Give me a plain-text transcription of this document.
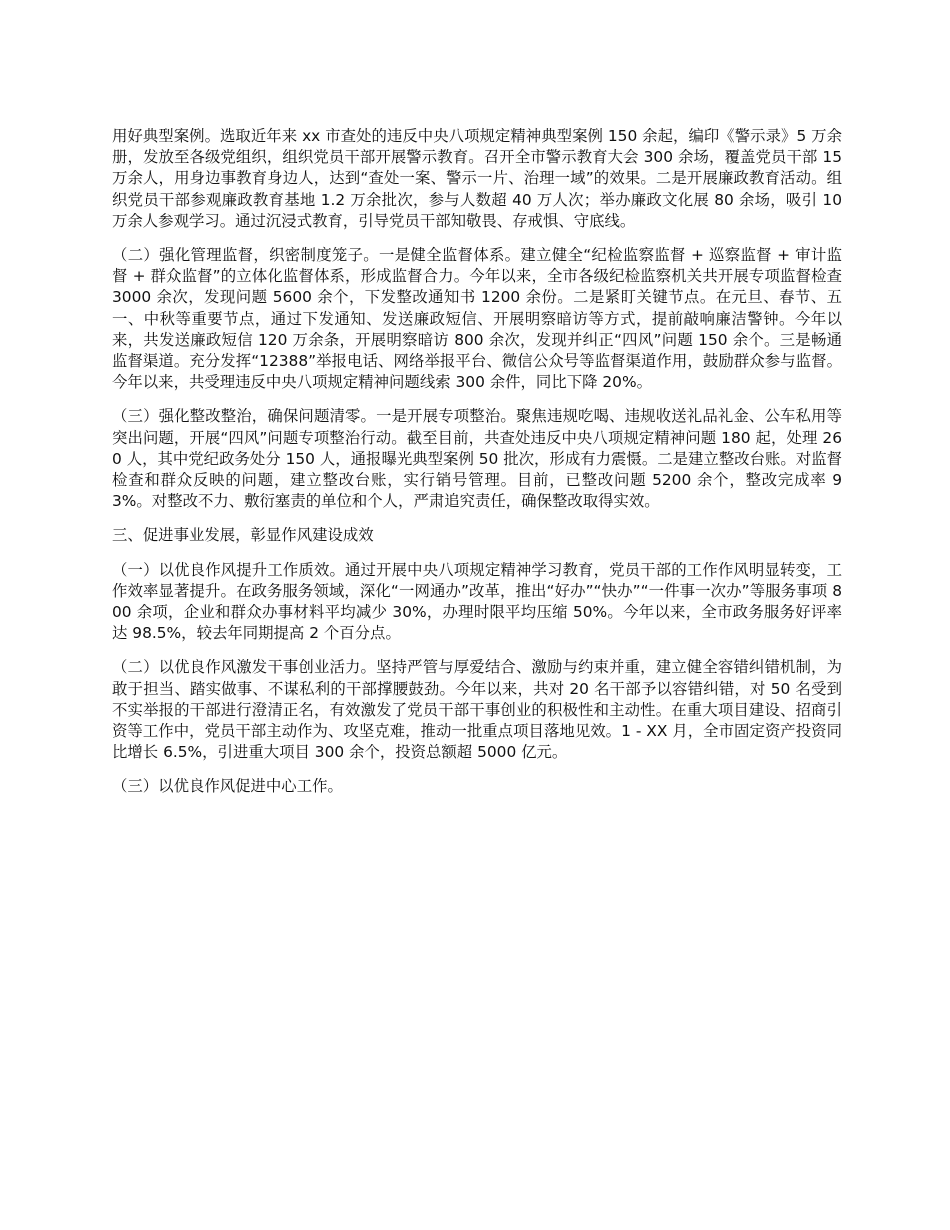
用好典型案例。选取近年来 xx 市查处的违反中央八项规定精神典型案例 150 余起，编印《警示录》5 万余册，发放至各级党组织，组织党员干部开展警示教育。召开全市警示教育大会 300 余场，覆盖党员干部 15 万余人，用身边事教育身边人，达到“查处一案、警示一片、治理一域”的效果。二是开展廉政教育活动。组织党员干部参观廉政教育基地 1.2 万余批次，参与人数超 40 万人次；举办廉政文化展 80 余场，吸引 10 万余人参观学习。通过沉浸式教育，引导党员干部知敬畏、存戒惧、守底线。

（二）强化管理监督，织密制度笼子。一是健全监督体系。建立健全“纪检监察监督 + 巡察监督 + 审计监督 + 群众监督”的立体化监督体系，形成监督合力。今年以来，全市各级纪检监察机关共开展专项监督检查 3000 余次，发现问题 5600 余个，下发整改通知书 1200 余份。二是紧盯关键节点。在元旦、春节、五一、中秋等重要节点，通过下发通知、发送廉政短信、开展明察暗访等方式，提前敲响廉洁警钟。今年以来，共发送廉政短信 120 万余条，开展明察暗访 800 余次，发现并纠正“四风”问题 150 余个。三是畅通监督渠道。充分发挥“12388”举报电话、网络举报平台、微信公众号等监督渠道作用，鼓励群众参与监督。今年以来，共受理违反中央八项规定精神问题线索 300 余件，同比下降 20%。

（三）强化整改整治，确保问题清零。一是开展专项整治。聚焦违规吃喝、违规收送礼品礼金、公车私用等突出问题，开展“四风”问题专项整治行动。截至目前，共查处违反中央八项规定精神问题 180 起，处理 260 人，其中党纪政务处分 150 人，通报曝光典型案例 50 批次，形成有力震慑。二是建立整改台账。对监督检查和群众反映的问题，建立整改台账，实行销号管理。目前，已整改问题 5200 余个，整改完成率 93%。对整改不力、敷衍塞责的单位和个人，严肃追究责任，确保整改取得实效。

三、促进事业发展，彰显作风建设成效

（一）以优良作风提升工作质效。通过开展中央八项规定精神学习教育，党员干部的工作作风明显转变，工作效率显著提升。在政务服务领域，深化“一网通办”改革，推出“好办”“快办”“一件事一次办”等服务事项 800 余项，企业和群众办事材料平均减少 30%，办理时限平均压缩 50%。今年以来，全市政务服务好评率达 98.5%，较去年同期提高 2 个百分点。

（二）以优良作风激发干事创业活力。坚持严管与厚爱结合、激励与约束并重，建立健全容错纠错机制，为敢于担当、踏实做事、不谋私利的干部撑腰鼓劲。今年以来，共对 20 名干部予以容错纠错，对 50 名受到不实举报的干部进行澄清正名，有效激发了党员干部干事创业的积极性和主动性。在重大项目建设、招商引资等工作中，党员干部主动作为、攻坚克难，推动一批重点项目落地见效。1 - XX 月，全市固定资产投资同比增长 6.5%，引进重大项目 300 余个，投资总额超 5000 亿元。

（三）以优良作风促进中心工作。
